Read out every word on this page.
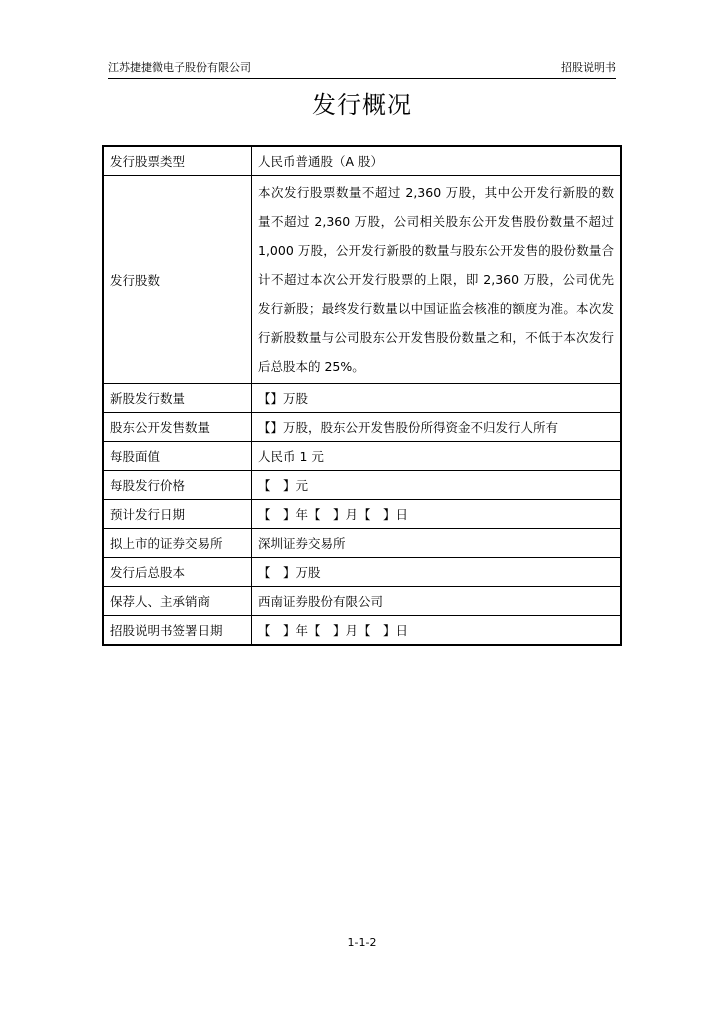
江苏捷捷微电子股份有限公司	招股说明书
发行概况
发行股票类型	人民币普通股（A 股）
发行股数	本次发行股票数量不超过 2,360 万股，其中公开发行新股的数量不超过 2,360 万股，公司相关股东公开发售股份数量不超过 1,000 万股，公开发行新股的数量与股东公开发售的股份数量合计不超过本次公开发行股票的上限，即 2,360 万股，公司优先发行新股；最终发行数量以中国证监会核准的额度为准。本次发行新股数量与公司股东公开发售股份数量之和，不低于本次发行后总股本的 25%。
新股发行数量	【】万股
股东公开发售数量	【】万股，股东公开发售股份所得资金不归发行人所有
每股面值	人民币 1 元
每股发行价格	【　】元
预计发行日期	【　】年【　】月【　】日
拟上市的证券交易所	深圳证券交易所
发行后总股本	【　】万股
保荐人、主承销商	西南证券股份有限公司
招股说明书签署日期	【　】年【　】月【　】日
1-1-2
